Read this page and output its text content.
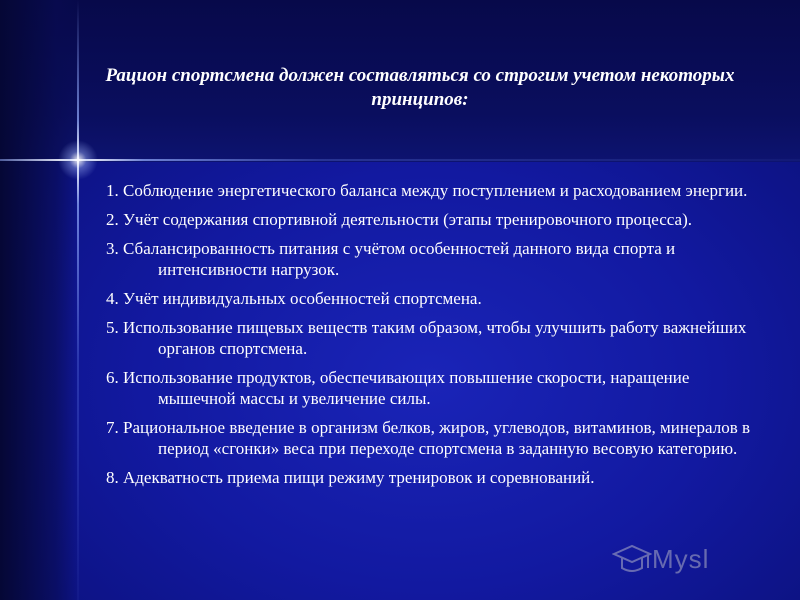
Рацион спортсмена должен составляться со строгим учетом некоторых принципов:
1. Соблюдение энергетического баланса между поступлением и расходованием энергии.
2. Учёт содержания спортивной деятельности (этапы тренировочного процесса).
3. Сбалансированность питания с учётом особенностей данного вида спорта и интенсивности нагрузок.
4. Учёт индивидуальных особенностей спортсмена.
5. Использование пищевых веществ таким образом, чтобы улучшить работу важнейших органов спортсмена.
6. Использование продуктов, обеспечивающих повышение скорости, наращение мышечной массы и увеличение силы.
7. Рациональное введение в организм белков, жиров, углеводов, витаминов, минералов в период «сгонки» веса при переходе спортсмена в заданную весовую категорию.
8. Адекватность приема пищи режиму тренировок и соревнований.
Mysl
